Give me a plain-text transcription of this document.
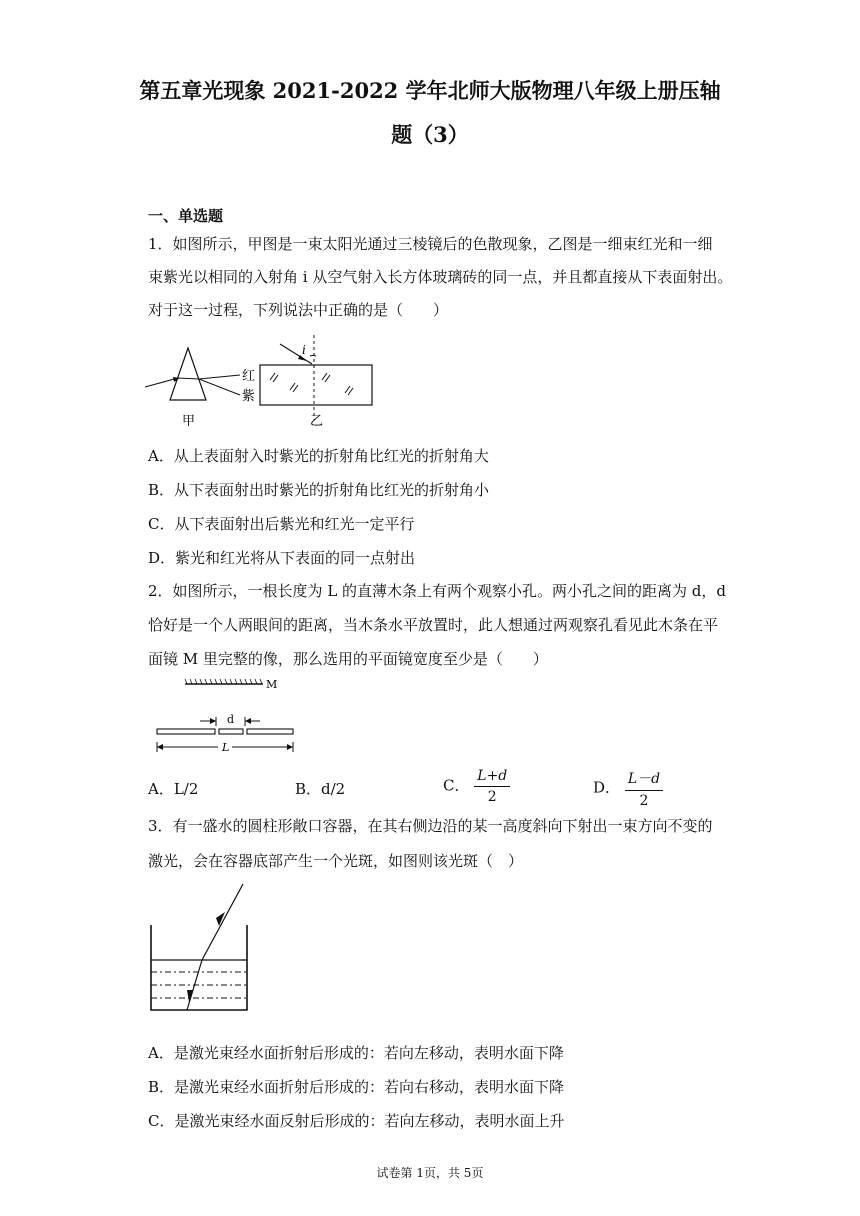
第五章光现象 2021-2022 学年北师大版物理八年级上册压轴
题（3）
一、单选题
1．如图所示，甲图是一束太阳光通过三棱镜后的色散现象，乙图是一细束红光和一细
束紫光以相同的入射角 i 从空气射入长方体玻璃砖的同一点，并且都直接从下表面射出。
对于这一过程，下列说法中正确的是（　　）
红
紫
甲
i
乙
A．从上表面射入时紫光的折射角比红光的折射角大
B．从下表面射出时紫光的折射角比红光的折射角小
C．从下表面射出后紫光和红光一定平行
D．紫光和红光将从下表面的同一点射出
2．如图所示，一根长度为 L 的直薄木条上有两个观察小孔。两小孔之间的距离为 d，d
恰好是一个人两眼间的距离，当木条水平放置时，此人想通过两观察孔看见此木条在平
面镜 M 里完整的像，那么选用的平面镜宽度至少是（　　）
M
d
L
A．L/2	B．d/2	C． $\frac{L+d}{2}$	D． $\frac{L-d}{2}$
3．有一盛水的圆柱形敞口容器，在其右侧边沿的某一高度斜向下射出一束方向不变的
激光，会在容器底部产生一个光斑，如图则该光斑（　）
A．是激光束经水面折射后形成的：若向左移动，表明水面下降
B．是激光束经水面折射后形成的：若向右移动，表明水面下降
C．是激光束经水面反射后形成的：若向左移动，表明水面上升
试卷第 1页，共 5页
